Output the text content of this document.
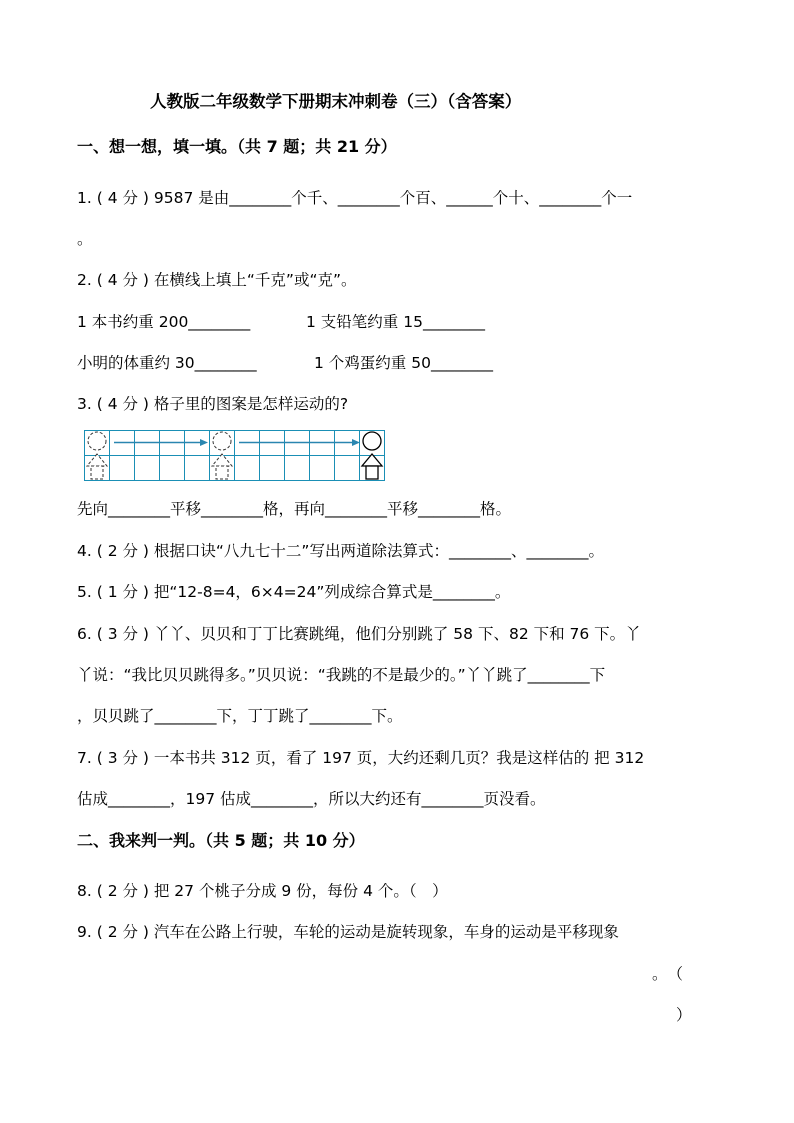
人教版二年级数学下册期末冲刺卷（三）（含答案）
一、想一想，填一填。（共 7 题；共 21 分）
1. ( 4 分 ) 9587 是由________个千、________个百、______个十、________个一
。
2. ( 4 分 ) 在横线上填上“千克”或“克”。
1 本书约重 200________	1 支铅笔约重 15________
小明的体重约 30________	1 个鸡蛋约重 50________
3. ( 4 分 ) 格子里的图案是怎样运动的?
先向________平移________格，再向________平移________格。
4. ( 2 分 ) 根据口诀“八九七十二”写出两道除法算式：________、________。
5. ( 1 分 ) 把“12-8=4，6×4=24”列成综合算式是________。
6. ( 3 分 ) 丫丫、贝贝和丁丁比赛跳绳，他们分别跳了 58 下、82 下和 76 下。丫
丫说：“我比贝贝跳得多。”贝贝说：“我跳的不是最少的。”丫丫跳了________下
，贝贝跳了________下，丁丁跳了________下。
7. ( 3 分 ) 一本书共 312 页，看了 197 页，大约还剩几页？我是这样估的 把 312
估成________，197 估成________，所以大约还有________页没看。
二、我来判一判。（共 5 题；共 10 分）
8. ( 2 分 ) 把 27 个桃子分成 9 份，每份 4 个。（　）
9. ( 2 分 ) 汽车在公路上行驶，车轮的运动是旋转现象，车身的运动是平移现象
。　（
）
